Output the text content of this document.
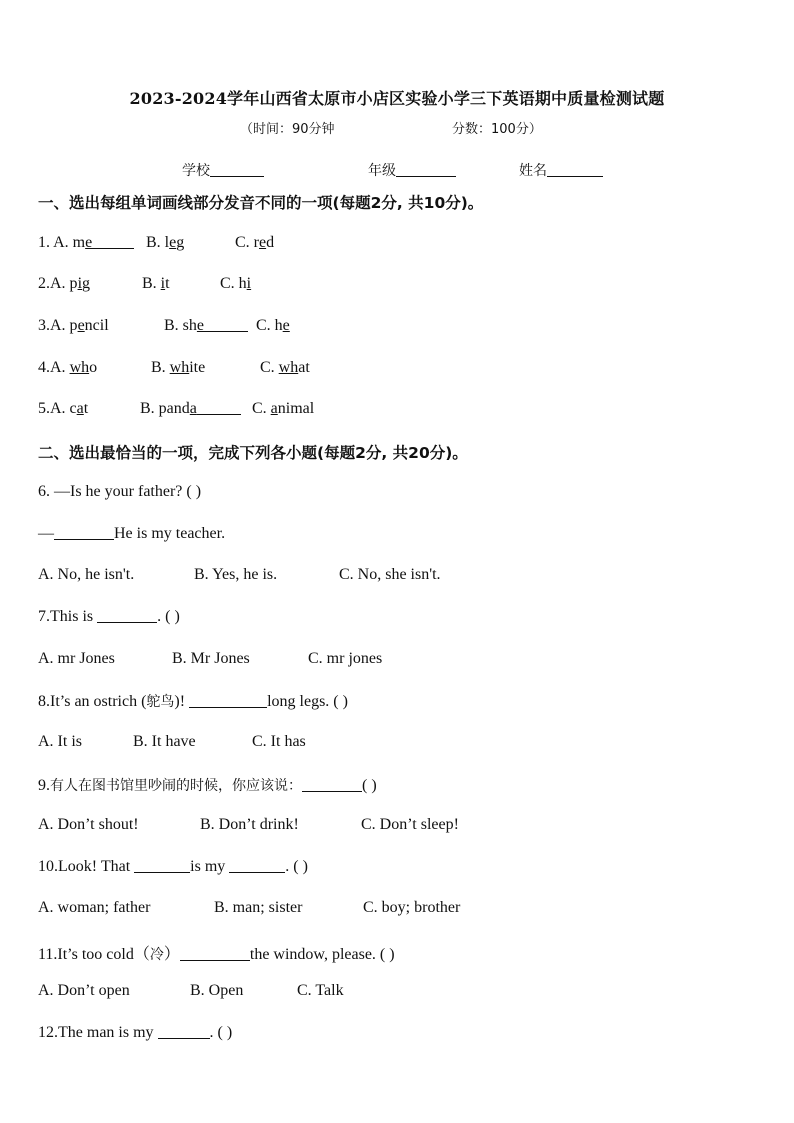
2023-2024学年山西省太原市小店区实验小学三下英语期中质量检测试题
（时间：90分钟	分数：100分）
学校	年级	姓名
一、选出每组单词画线部分发音不同的一项(每题2分, 共10分)。
1. A. me	B. leg	C. red
2.A. pig	B. it	C. hi
3.A. pencil	B. she	C. he
4.A. who	B. white	C. what
5.A. cat	B. panda	C. animal
二、选出最恰当的一项，完成下列各小题(每题2分, 共20分)。
6. —Is he your father? ( )
—	He is my teacher.
A. No, he isn't.	B. Yes, he is.	C. No, she isn't.
7.This is	. ( )
A. mr Jones	B. Mr Jones	C. mr jones
8.It’s an ostrich (鸵鸟)!	long legs. ( )
A. It is	B. It have	C. It has
9.有人在图书馆里吵闹的时候，你应该说：	( )
A. Don’t shout!	B. Don’t drink!	C. Don’t sleep!
10.Look! That	is my	. ( )
A. woman; father	B. man; sister	C. boy; brother
11.It’s too cold（冷）	the window, please. ( )
A. Don’t open	B. Open	C. Talk
12.The man is my	. ( )
